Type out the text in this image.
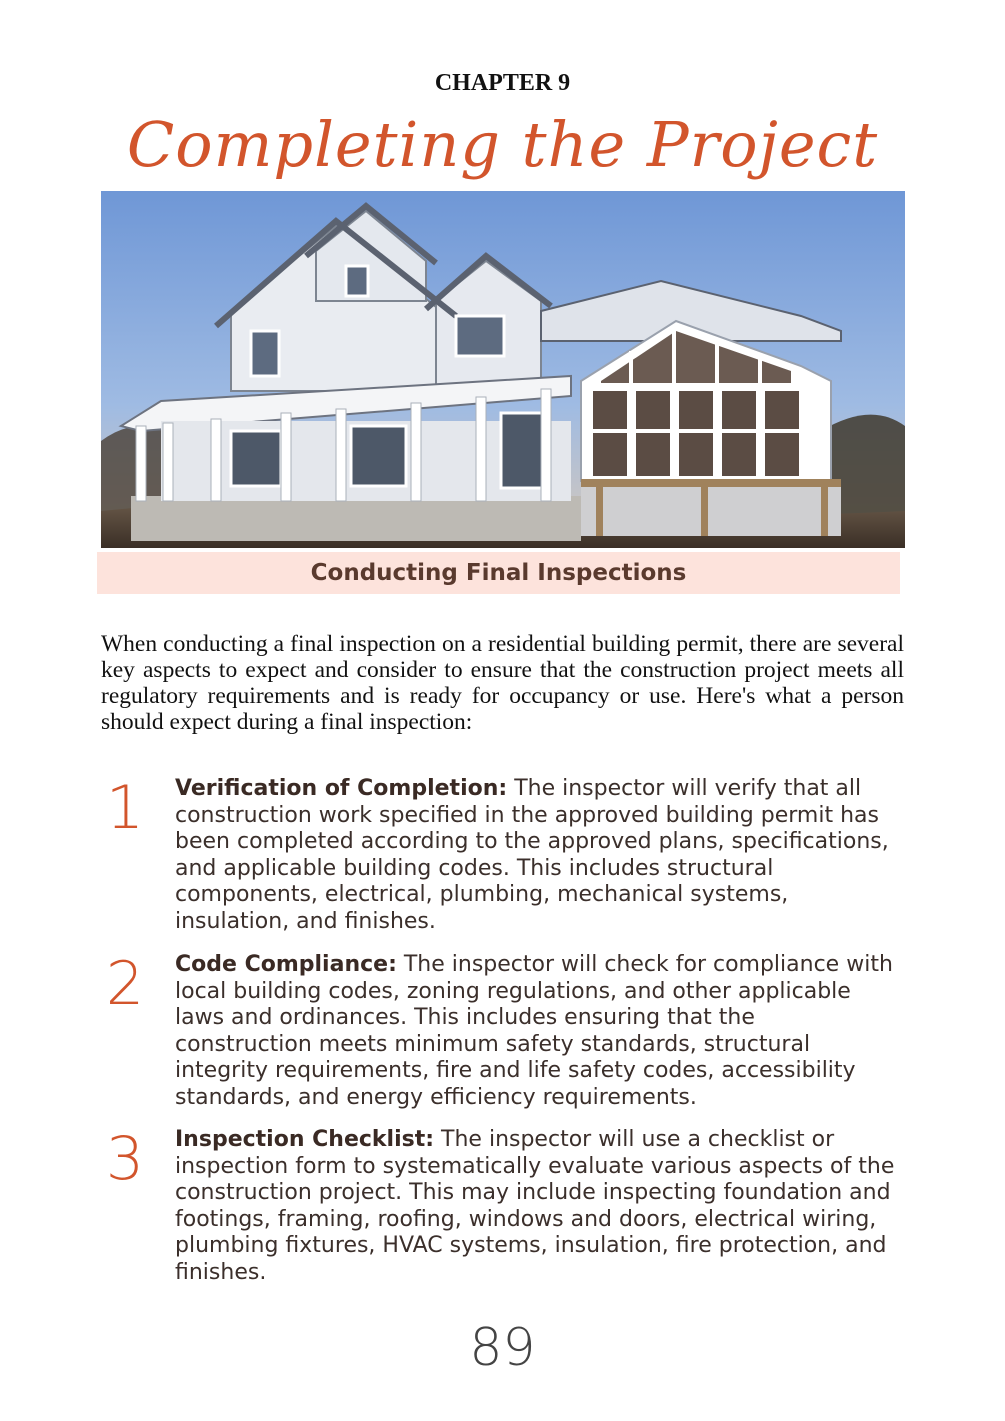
CHAPTER 9
Completing the Project
Conducting Final Inspections

When conducting a final inspection on a residential building permit, there are several key aspects to expect and consider to ensure that the construction project meets all regulatory requirements and is ready for occupancy or use. Here's what a person should expect during a final inspection:

1 Verification of Completion: The inspector will verify that all construction work specified in the approved building permit has been completed according to the approved plans, specifications, and applicable building codes. This includes structural components, electrical, plumbing, mechanical systems, insulation, and finishes.

2 Code Compliance: The inspector will check for compliance with local building codes, zoning regulations, and other applicable laws and ordinances. This includes ensuring that the construction meets minimum safety standards, structural integrity requirements, fire and life safety codes, accessibility standards, and energy efficiency requirements.

3 Inspection Checklist: The inspector will use a checklist or inspection form to systematically evaluate various aspects of the construction project. This may include inspecting foundation and footings, framing, roofing, windows and doors, electrical wiring, plumbing fixtures, HVAC systems, insulation, fire protection, and finishes.

89
